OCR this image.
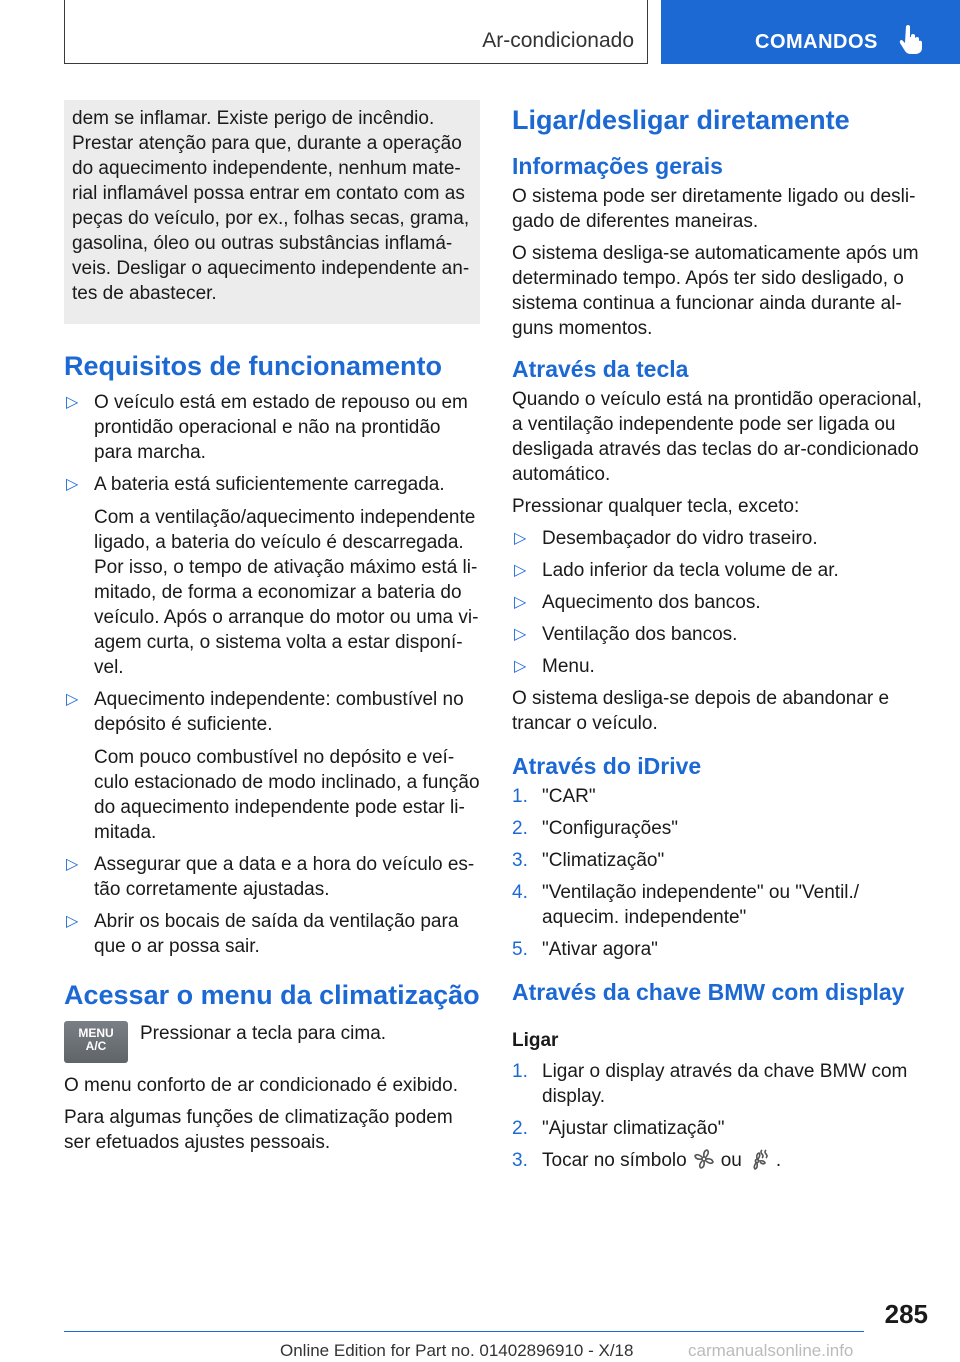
Ar-condicionado	COMANDOS

dem se inflamar. Existe perigo de incêndio.

Prestar atenção para que, durante a operação

do aquecimento independente, nenhum mate-

rial inflamável possa entrar em contato com as

peças do veículo, por ex., folhas secas, grama,

gasolina, óleo ou outras substâncias inflamá-

veis. Desligar o aquecimento independente an-

tes de abastecer.

Requisitos de funcionamento
▷ O veículo está em estado de repouso ou em prontidão operacional e não na prontidão para marcha.
▷ A bateria está suficientemente carregada.
Com a ventilação/aquecimento independente ligado, a bateria do veículo é descarregada. Por isso, o tempo de ativação máximo está limitado, de forma a economizar a bateria do veículo. Após o arranque do motor ou uma viagem curta, o sistema volta a estar disponível.
▷ Aquecimento independente: combustível no depósito é suficiente.
Com pouco combustível no depósito e veículo estacionado de modo inclinado, a função do aquecimento independente pode estar limitada.
▷ Assegurar que a data e a hora do veículo estão corretamente ajustadas.
▷ Abrir os bocais de saída da ventilação para que o ar possa sair.
Acessar o menu da climatização
MENU
A/C
Pressionar a tecla para cima.

O menu conforto de ar condicionado é exibido.

Para algumas funções de climatização podem ser efetuados ajustes pessoais.

Ligar/desligar diretamente
Informações gerais

O sistema pode ser diretamente ligado ou desligado de diferentes maneiras.

O sistema desliga-se automaticamente após um determinado tempo. Após ter sido desligado, o sistema continua a funcionar ainda durante alguns momentos.

Através da tecla

Quando o veículo está na prontidão operacional, a ventilação independente pode ser ligada ou desligada através das teclas do ar-condicionado automático.

Pressionar qualquer tecla, exceto:

▷ Desembaçador do vidro traseiro.
▷ Lado inferior da tecla volume de ar.
▷ Aquecimento dos bancos.
▷ Ventilação dos bancos.
▷ Menu.

O sistema desliga-se depois de abandonar e trancar o veículo.

Através do iDrive
1. "CAR"
2. "Configurações"
3. "Climatização"
4. "Ventilação independente" ou "Ventil./ aquecim. independente"
5. "Ativar agora"
Através da chave BMW com display
Ligar
1. Ligar o display através da chave BMW com display.
2. "Ajustar climatização"
3. Tocar no símbolo ou .
285
Online Edition for Part no. 01402896910 - X/18	carmanualsonline.info
